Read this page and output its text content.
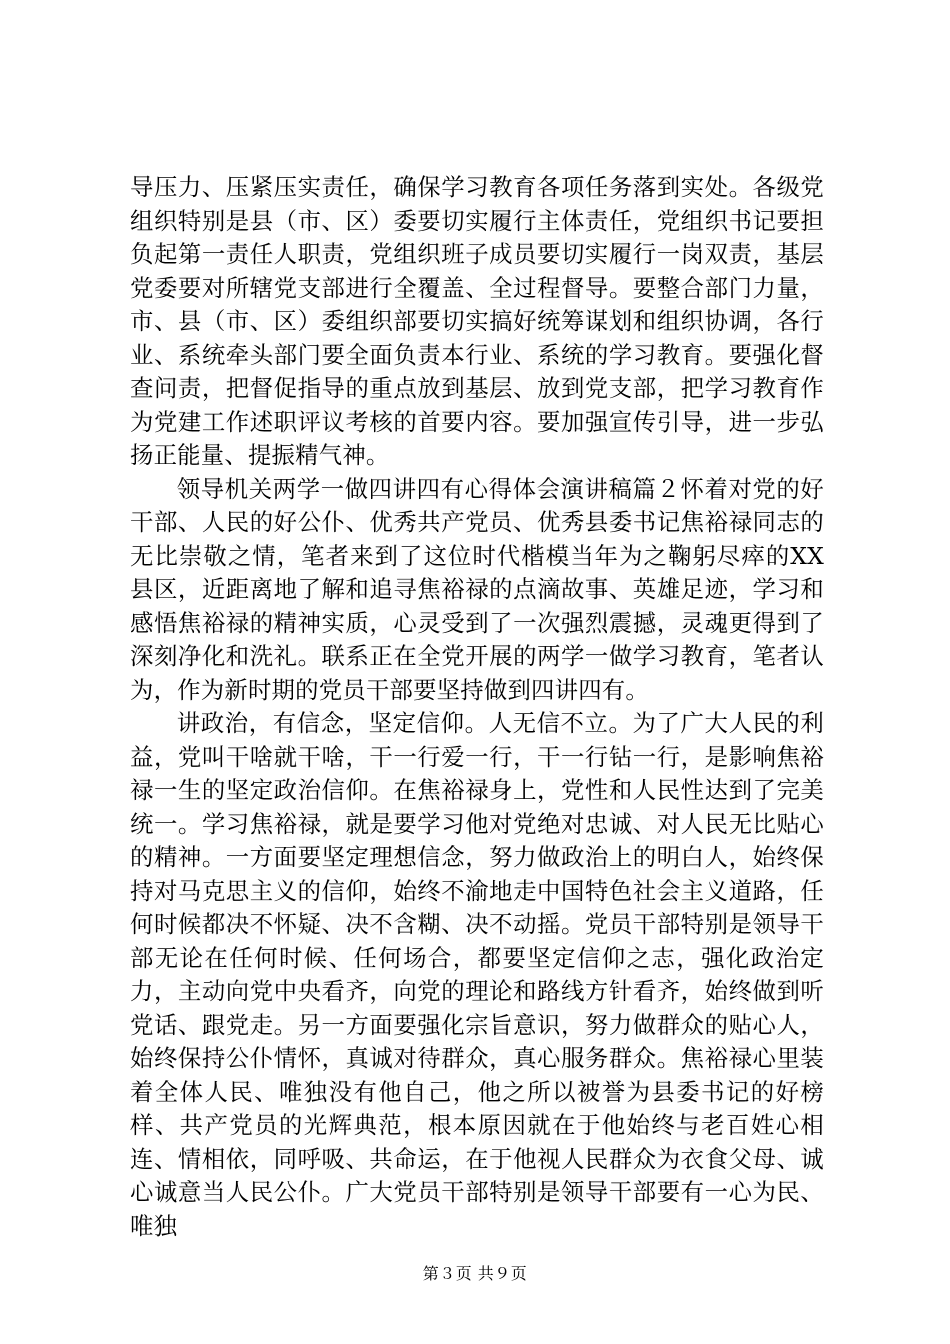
导压力、压紧压实责任，确保学习教育各项任务落到实处。各级党组织特别是县（市、区）委要切实履行主体责任，党组织书记要担负起第一责任人职责，党组织班子成员要切实履行一岗双责，基层党委要对所辖党支部进行全覆盖、全过程督导。要整合部门力量，市、县（市、区）委组织部要切实搞好统筹谋划和组织协调，各行业、系统牵头部门要全面负责本行业、系统的学习教育。要强化督查问责，把督促指导的重点放到基层、放到党支部，把学习教育作为党建工作述职评议考核的首要内容。要加强宣传引导，进一步弘扬正能量、提振精气神。

领导机关两学一做四讲四有心得体会演讲稿篇２怀着对党的好干部、人民的好公仆、优秀共产党员、优秀县委书记焦裕禄同志的无比崇敬之情，笔者来到了这位时代楷模当年为之鞠躬尽瘁的XX县区，近距离地了解和追寻焦裕禄的点滴故事、英雄足迹，学习和感悟焦裕禄的精神实质，心灵受到了一次强烈震撼，灵魂更得到了深刻净化和洗礼。联系正在全党开展的两学一做学习教育，笔者认为，作为新时期的党员干部要坚持做到四讲四有。

讲政治，有信念，坚定信仰。人无信不立。为了广大人民的利益，党叫干啥就干啥，干一行爱一行，干一行钻一行，是影响焦裕禄一生的坚定政治信仰。在焦裕禄身上，党性和人民性达到了完美统一。学习焦裕禄，就是要学习他对党绝对忠诚、对人民无比贴心的精神。一方面要坚定理想信念，努力做政治上的明白人，始终保持对马克思主义的信仰，始终不渝地走中国特色社会主义道路，任何时候都决不怀疑、决不含糊、决不动摇。党员干部特别是领导干部无论在任何时候、任何场合，都要坚定信仰之志，强化政治定力，主动向党中央看齐，向党的理论和路线方针看齐，始终做到听党话、跟党走。另一方面要强化宗旨意识，努力做群众的贴心人，始终保持公仆情怀，真诚对待群众，真心服务群众。焦裕禄心里装着全体人民、唯独没有他自己，他之所以被誉为县委书记的好榜样、共产党员的光辉典范，根本原因就在于他始终与老百姓心相连、情相依，同呼吸、共命运，在于他视人民群众为衣食父母、诚心诚意当人民公仆。广大党员干部特别是领导干部要有一心为民、唯独

第３页 共９页
